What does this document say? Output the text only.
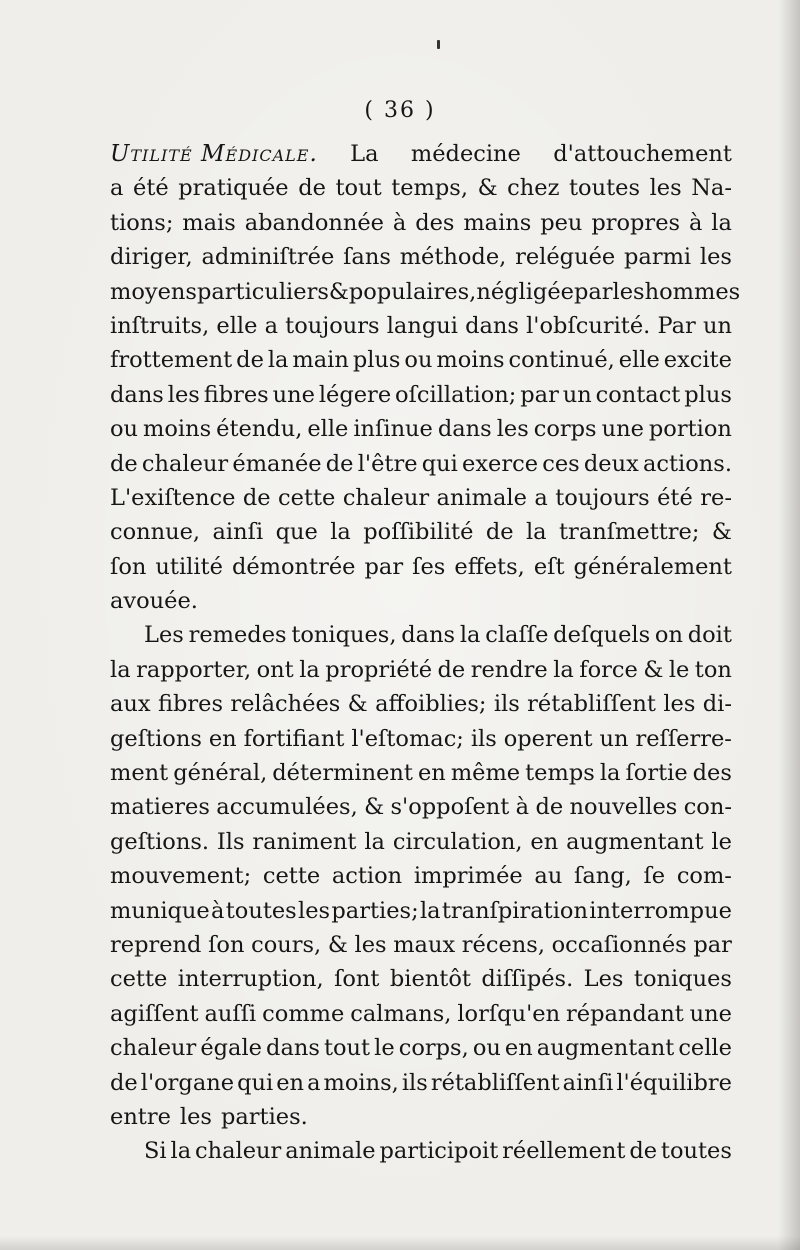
( 36 )
Utilité Médicale. La médecine d'attouchement
a été pratiquée de tout temps, & chez toutes les Na-
tions; mais abandonnée à des mains peu propres à la
diriger, adminiſtrée ſans méthode, reléguée parmi les
moyens particuliers & populaires, négligée par les hommes
inſtruits, elle a toujours langui dans l'obſcurité. Par un
frottement de la main plus ou moins continué, elle excite
dans les fibres une légere oſcillation; par un contact plus
ou moins étendu, elle inſinue dans les corps une portion
de chaleur émanée de l'être qui exerce ces deux actions.
L'exiſtence de cette chaleur animale a toujours été re-
connue, ainſi que la poſſibilité de la tranſmettre; &
ſon utilité démontrée par ſes effets, eſt généralement
avouée.
Les remedes toniques, dans la claſſe deſquels on doit
la rapporter, ont la propriété de rendre la force & le ton
aux fibres relâchées & affoiblies; ils rétabliſſent les di-
geſtions en fortifiant l'eſtomac; ils operent un reſſerre-
ment général, déterminent en même temps la ſortie des
matieres accumulées, & s'oppoſent à de nouvelles con-
geſtions. Ils raniment la circulation, en augmentant le
mouvement; cette action imprimée au ſang, ſe com-
munique à toutes les parties; la tranſpiration interrompue
reprend ſon cours, & les maux récens, occaſionnés par
cette interruption, ſont bientôt diſſipés. Les toniques
agiſſent auſſi comme calmans, lorſqu'en répandant une
chaleur égale dans tout le corps, ou en augmentant celle
de l'organe qui en a moins, ils rétabliſſent ainſi l'équilibre
entre les parties.
Si la chaleur animale participoit réellement de toutes
